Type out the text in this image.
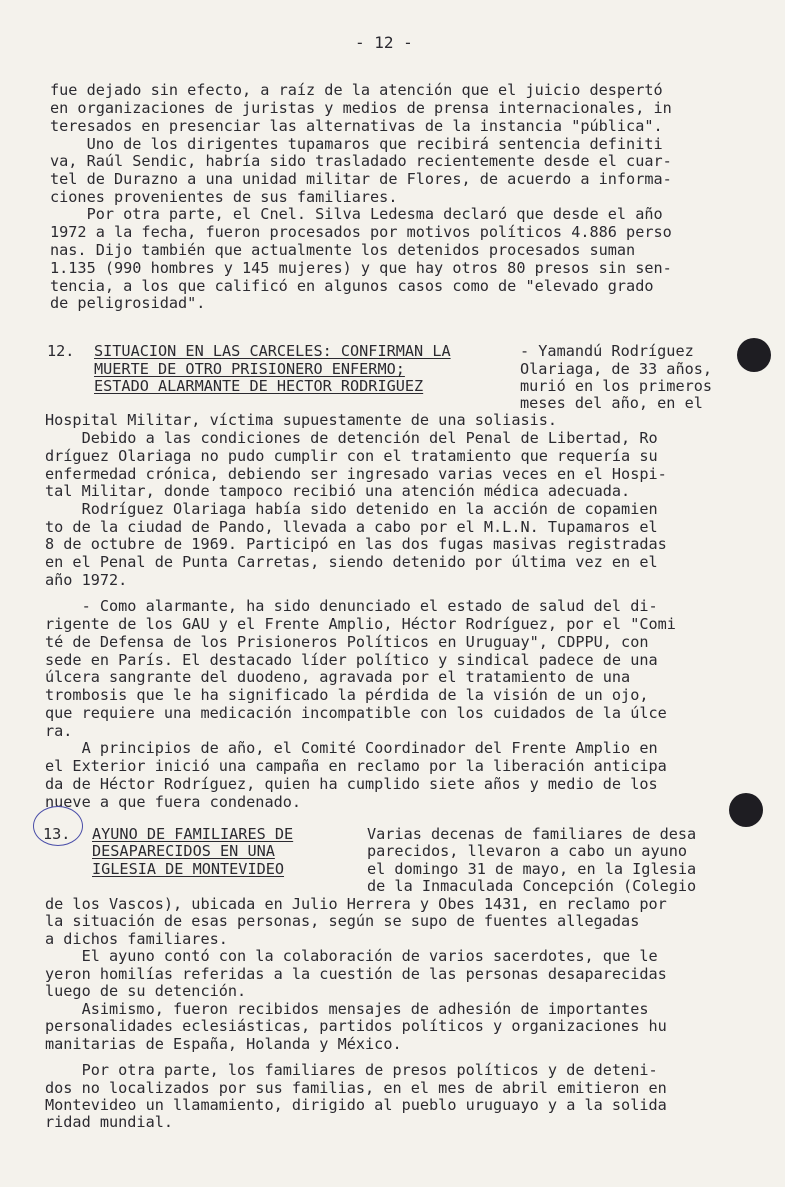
- 12 -
fue dejado sin efecto, a raíz de la atención que el juicio despertó
en organizaciones de juristas y medios de prensa internacionales, in
teresados en presenciar las alternativas de la instancia "pública".
Uno de los dirigentes tupamaros que recibirá sentencia definiti
va, Raúl Sendic, habría sido trasladado recientemente desde el cuar-
tel de Durazno a una unidad militar de Flores, de acuerdo a informa-
ciones provenientes de sus familiares.
Por otra parte, el Cnel. Silva Ledesma declaró que desde el año
1972 a la fecha, fueron procesados por motivos políticos 4.886 perso
nas. Dijo también que actualmente los detenidos procesados suman
1.135 (990 hombres y 145 mujeres) y que hay otros 80 presos sin sen-
tencia, a los que calificó en algunos casos como de "elevado grado
de peligrosidad".
12. SITUACION EN LAS CARCELES: CONFIRMAN LA
MUERTE DE OTRO PRISIONERO ENFERMO;
ESTADO ALARMANTE DE HECTOR RODRIGUEZ
- Yamandú Rodríguez
Olariaga, de 33 años,
murió en los primeros
meses del año, en el
Hospital Militar, víctima supuestamente de una soliasis.
Debido a las condiciones de detención del Penal de Libertad, Ro
dríguez Olariaga no pudo cumplir con el tratamiento que requería su
enfermedad crónica, debiendo ser ingresado varias veces en el Hospi-
tal Militar, donde tampoco recibió una atención médica adecuada.
Rodríguez Olariaga había sido detenido en la acción de copamien
to de la ciudad de Pando, llevada a cabo por el M.L.N. Tupamaros el
8 de octubre de 1969. Participó en las dos fugas masivas registradas
en el Penal de Punta Carretas, siendo detenido por última vez en el
año 1972.
- Como alarmante, ha sido denunciado el estado de salud del di-
rigente de los GAU y el Frente Amplio, Héctor Rodríguez, por el "Comi
té de Defensa de los Prisioneros Políticos en Uruguay", CDPPU, con
sede en París. El destacado líder político y sindical padece de una
úlcera sangrante del duodeno, agravada por el tratamiento de una
trombosis que le ha significado la pérdida de la visión de un ojo,
que requiere una medicación incompatible con los cuidados de la úlce
ra.
A principios de año, el Comité Coordinador del Frente Amplio en
el Exterior inició una campaña en reclamo por la liberación anticipa
da de Héctor Rodríguez, quien ha cumplido siete años y medio de los
nueve a que fuera condenado.
13. AYUNO DE FAMILIARES DE
DESAPARECIDOS EN UNA
IGLESIA DE MONTEVIDEO
Varias decenas de familiares de desa
parecidos, llevaron a cabo un ayuno
el domingo 31 de mayo, en la Iglesia
de la Inmaculada Concepción (Colegio
de los Vascos), ubicada en Julio Herrera y Obes 1431, en reclamo por
la situación de esas personas, según se supo de fuentes allegadas
a dichos familiares.
El ayuno contó con la colaboración de varios sacerdotes, que le
yeron homilías referidas a la cuestión de las personas desaparecidas
luego de su detención.
Asimismo, fueron recibidos mensajes de adhesión de importantes
personalidades eclesiásticas, partidos políticos y organizaciones hu
manitarias de España, Holanda y México.
Por otra parte, los familiares de presos políticos y de deteni-
dos no localizados por sus familias, en el mes de abril emitieron en
Montevideo un llamamiento, dirigido al pueblo uruguayo y a la solida
ridad mundial.
